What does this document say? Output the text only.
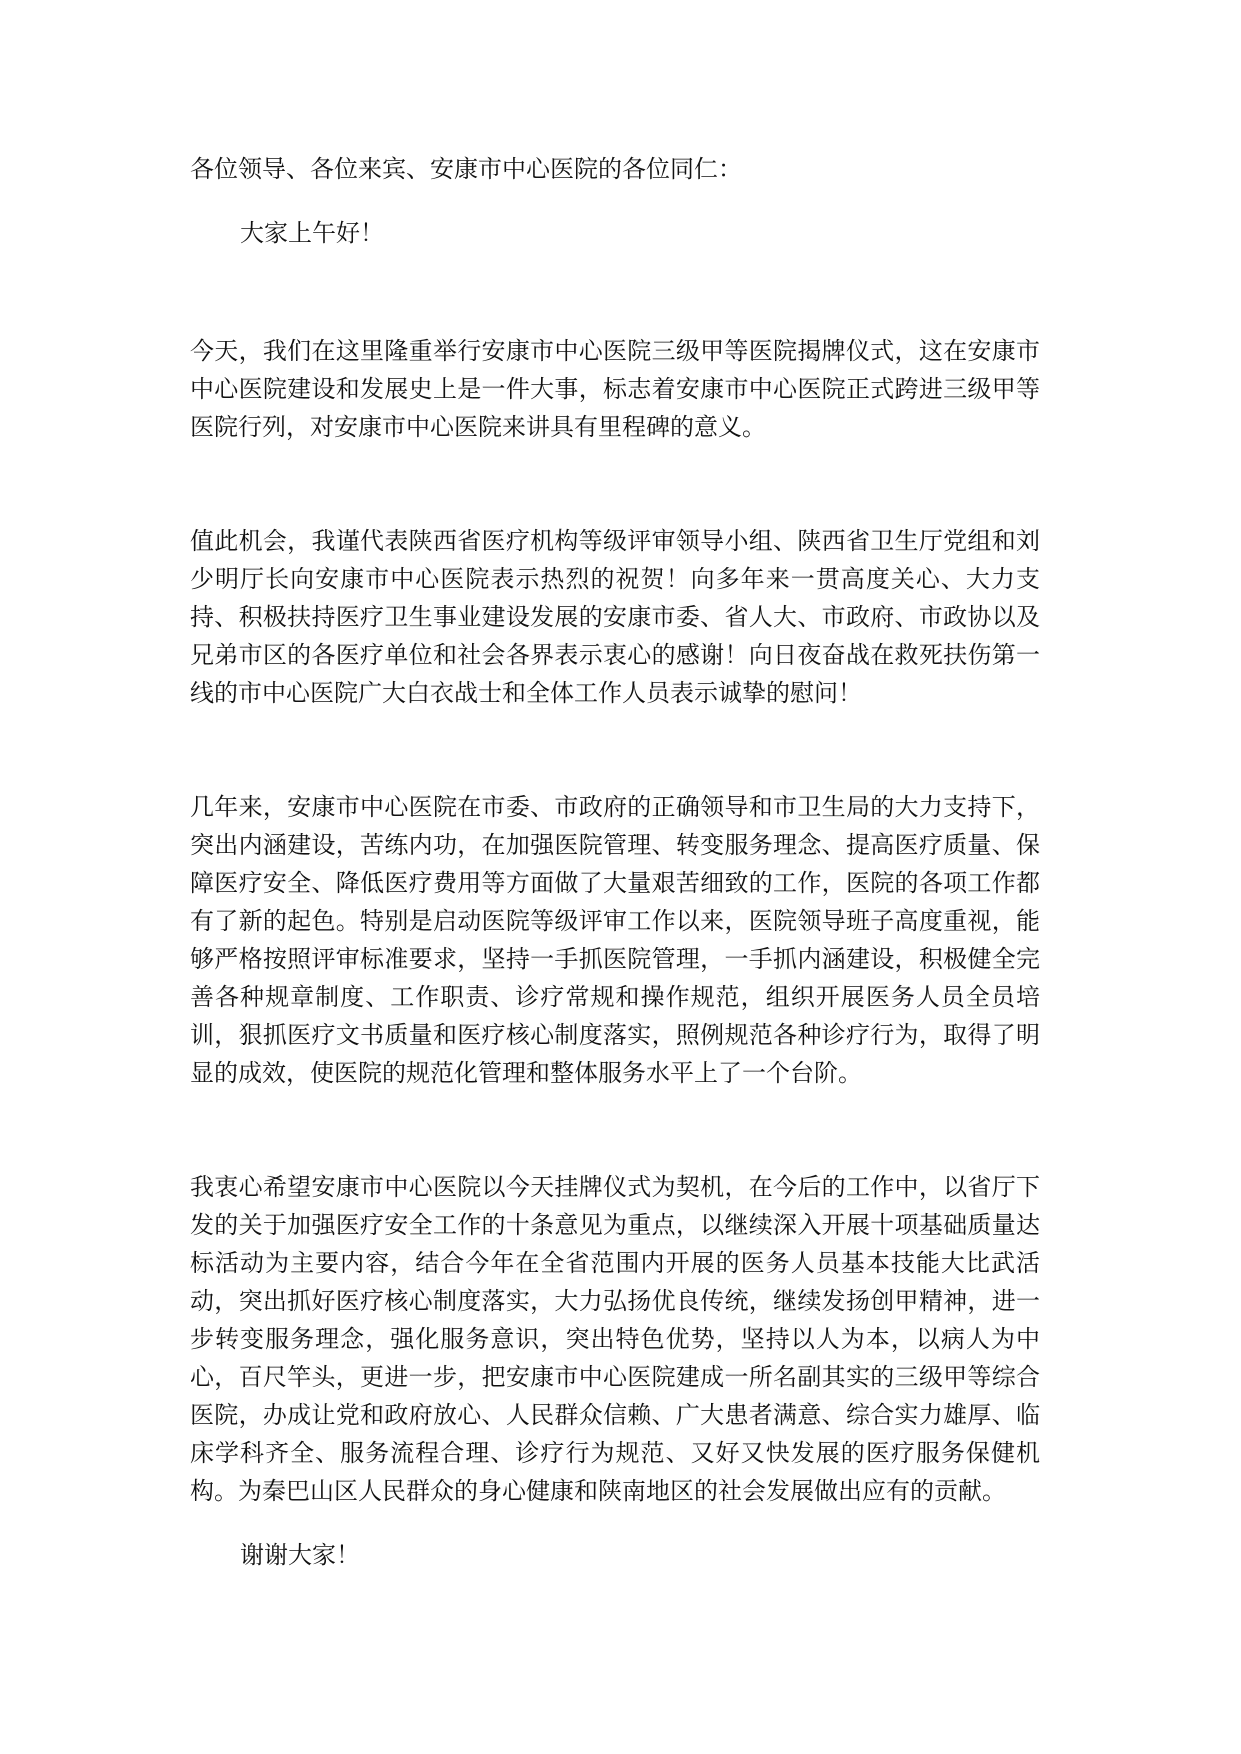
各位领导、各位来宾、安康市中心医院的各位同仁：

大家上午好！

今天，我们在这里隆重举行安康市中心医院三级甲等医院揭牌仪式，这在安康市中心医院建设和发展史上是一件大事，标志着安康市中心医院正式跨进三级甲等医院行列，对安康市中心医院来讲具有里程碑的意义。

值此机会，我谨代表陕西省医疗机构等级评审领导小组、陕西省卫生厅党组和刘少明厅长向安康市中心医院表示热烈的祝贺！向多年来一贯高度关心、大力支持、积极扶持医疗卫生事业建设发展的安康市委、省人大、市政府、市政协以及兄弟市区的各医疗单位和社会各界表示衷心的感谢！向日夜奋战在救死扶伤第一线的市中心医院广大白衣战士和全体工作人员表示诚挚的慰问！

几年来，安康市中心医院在市委、市政府的正确领导和市卫生局的大力支持下，突出内涵建设，苦练内功，在加强医院管理、转变服务理念、提高医疗质量、保障医疗安全、降低医疗费用等方面做了大量艰苦细致的工作，医院的各项工作都有了新的起色。特别是启动医院等级评审工作以来，医院领导班子高度重视，能够严格按照评审标准要求，坚持一手抓医院管理，一手抓内涵建设，积极健全完善各种规章制度、工作职责、诊疗常规和操作规范，组织开展医务人员全员培训，狠抓医疗文书质量和医疗核心制度落实，照例规范各种诊疗行为，取得了明显的成效，使医院的规范化管理和整体服务水平上了一个台阶。

我衷心希望安康市中心医院以今天挂牌仪式为契机，在今后的工作中，以省厅下发的关于加强医疗安全工作的十条意见为重点，以继续深入开展十项基础质量达标活动为主要内容，结合今年在全省范围内开展的医务人员基本技能大比武活动，突出抓好医疗核心制度落实，大力弘扬优良传统，继续发扬创甲精神，进一步转变服务理念，强化服务意识，突出特色优势，坚持以人为本，以病人为中心，百尺竿头，更进一步，把安康市中心医院建成一所名副其实的三级甲等综合医院，办成让党和政府放心、人民群众信赖、广大患者满意、综合实力雄厚、临床学科齐全、服务流程合理、诊疗行为规范、又好又快发展的医疗服务保健机构。为秦巴山区人民群众的身心健康和陕南地区的社会发展做出应有的贡献。

谢谢大家！
